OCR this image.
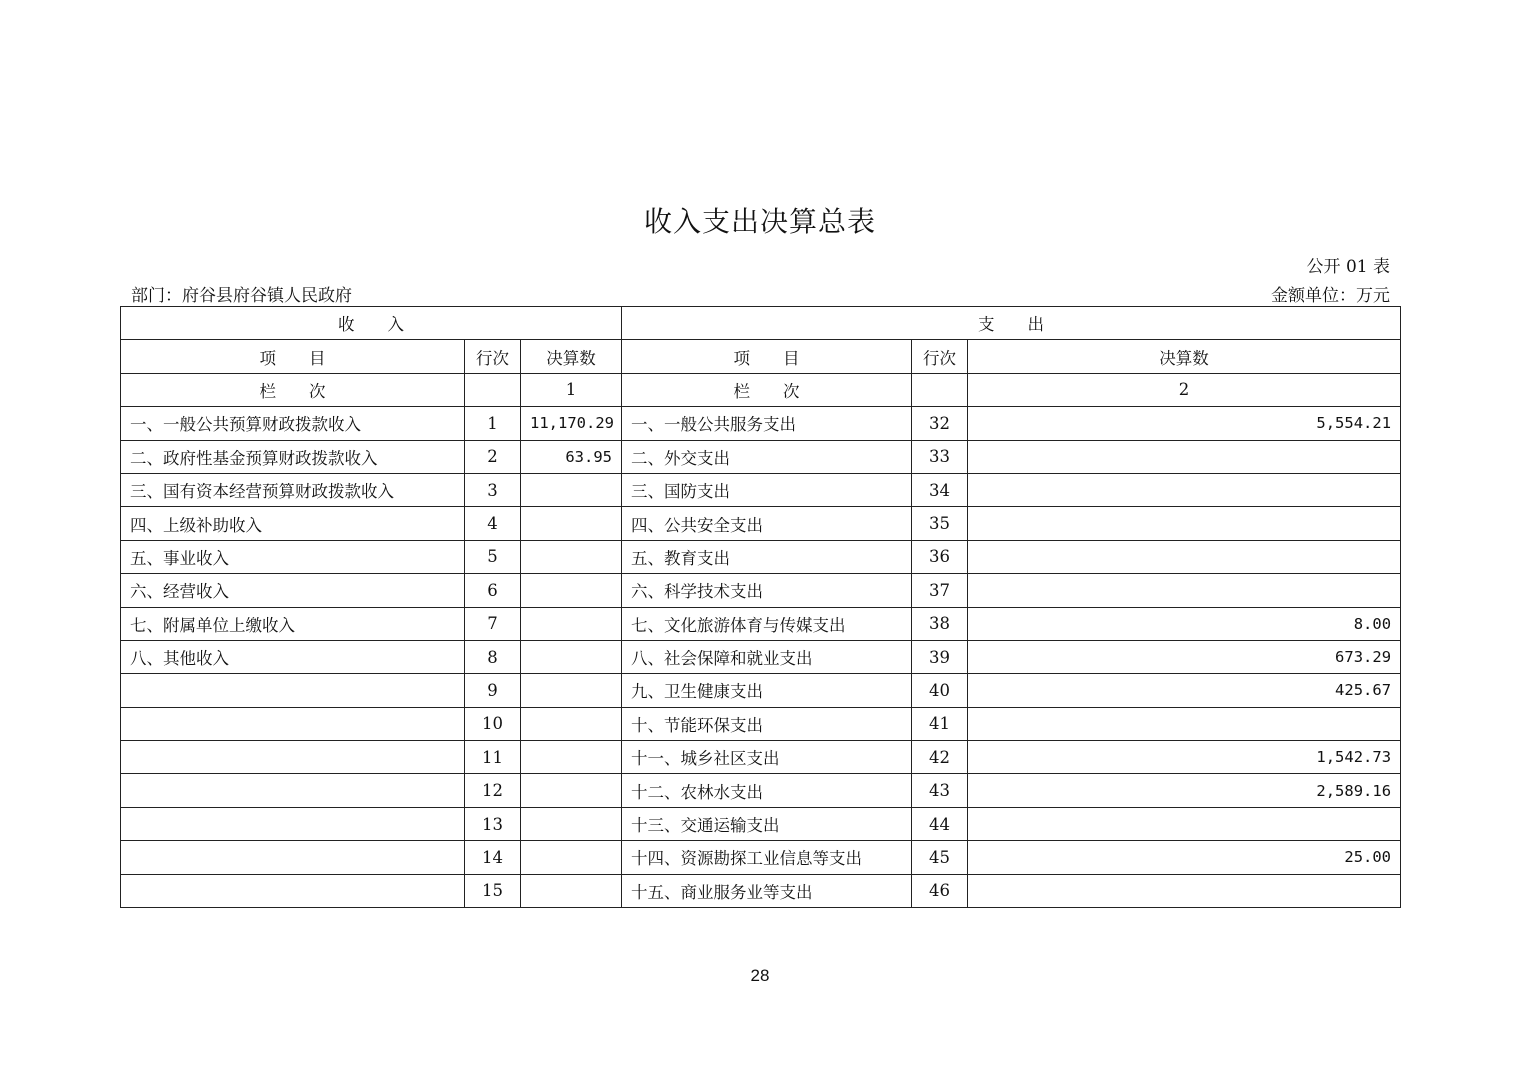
收入支出决算总表
公开 01 表
部门：府谷县府谷镇人民政府	金额单位：万元
收　　入			支　　出		
项　　目	行次	决算数	项　　目	行次	决算数
栏　　次		1	栏　　次		2
一、一般公共预算财政拨款收入	1	11,170.29	一、一般公共服务支出	32	5,554.21
二、政府性基金预算财政拨款收入	2	63.95	二、外交支出	33	
三、国有资本经营预算财政拨款收入	3		三、国防支出	34	
四、上级补助收入	4		四、公共安全支出	35	
五、事业收入	5		五、教育支出	36	
六、经营收入	6		六、科学技术支出	37	
七、附属单位上缴收入	7		七、文化旅游体育与传媒支出	38	8.00
八、其他收入	8		八、社会保障和就业支出	39	673.29
	9		九、卫生健康支出	40	425.67
	10		十、节能环保支出	41	
	11		十一、城乡社区支出	42	1,542.73
	12		十二、农林水支出	43	2,589.16
	13		十三、交通运输支出	44	
	14		十四、资源勘探工业信息等支出	45	25.00
	15		十五、商业服务业等支出	46	
28
